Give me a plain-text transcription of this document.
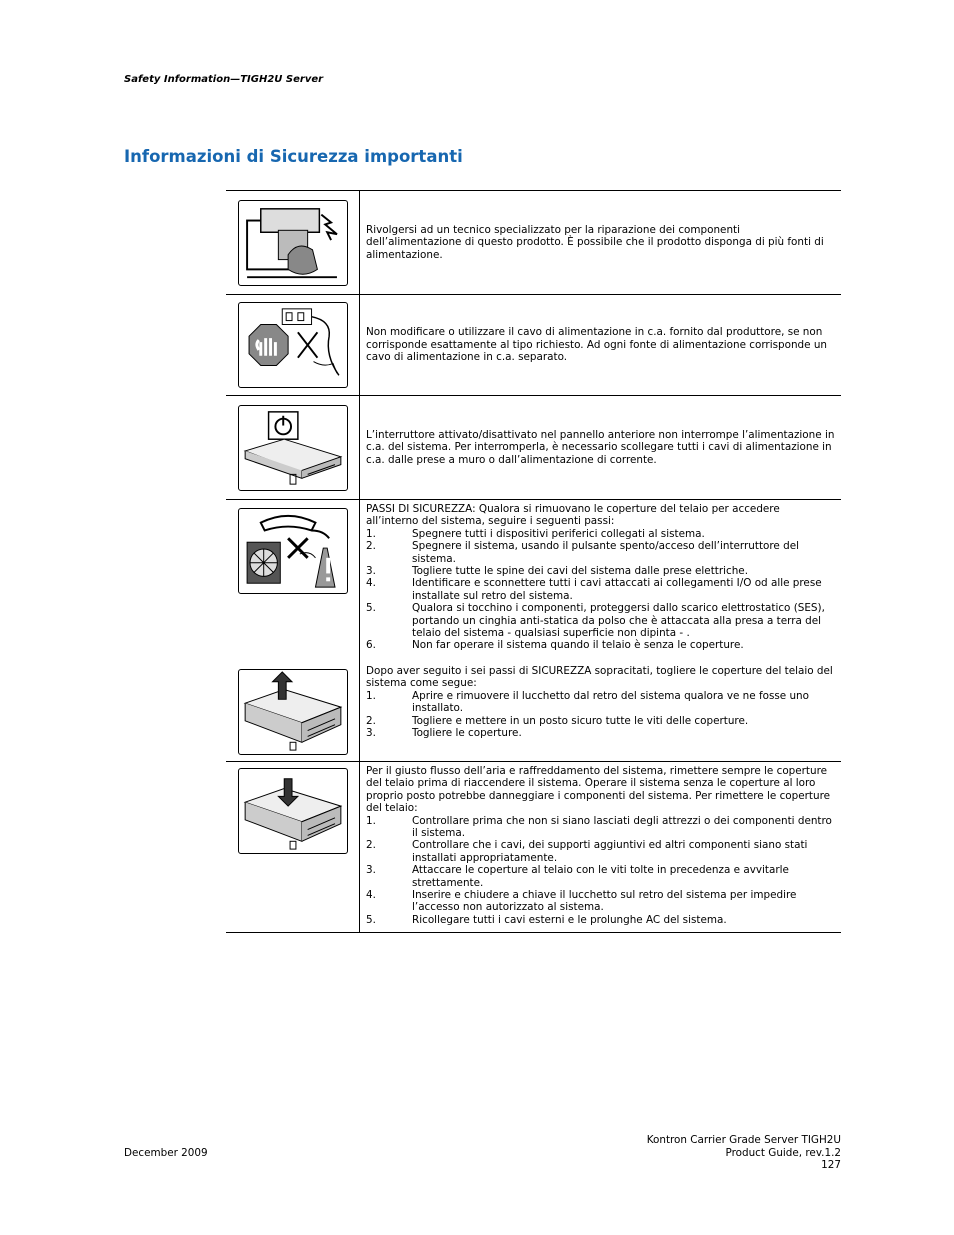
Safety Information—TIGH2U Server
Informazioni di Sicurezza importanti

Rivolgersi ad un tecnico specializzato per la riparazione dei componenti dell’alimentazione di questo prodotto. È possibile che il prodotto disponga di più fonti di alimentazione.

Non modificare o utilizzare il cavo di alimentazione in c.a. fornito dal produttore, se non corrisponde esattamente al tipo richiesto. Ad ogni fonte di alimentazione corrisponde un cavo di alimentazione in c.a. separato.

L’interruttore attivato/disattivato nel pannello anteriore non interrompe l’alimentazione in c.a. del sistema. Per interromperla, è necessario scollegare tutti i cavi di alimentazione in c.a. dalle prese a muro o dall’alimentazione di corrente.

PASSI DI SICUREZZA: Qualora si rimuovano le coperture del telaio per accedere all’interno del sistema, seguire i seguenti passi:

1.	Spegnere tutti i dispositivi periferici collegati al sistema.
2.	Spegnere il sistema, usando il pulsante spento/acceso dell’interruttore del sistema.
3.	Togliere tutte le spine dei cavi del sistema dalle prese elettriche.
4.	Identificare e sconnettere tutti i cavi attaccati ai collegamenti I/O od alle prese installate sul retro del sistema.
5.	Qualora si tocchino i componenti, proteggersi dallo scarico elettrostatico (SES), portando un cinghia anti-statica da polso che è attaccata alla presa a terra del telaio del sistema - qualsiasi superficie non dipinta - .
6.	Non far operare il sistema quando il telaio è senza le coperture.

Dopo aver seguito i sei passi di SICUREZZA sopracitati, togliere le coperture del telaio del sistema come segue:

1.	Aprire e rimuovere il lucchetto dal retro del sistema qualora ve ne fosse uno installato.
2.	Togliere e mettere in un posto sicuro tutte le viti delle coperture.
3.	Togliere le coperture.

Per il giusto flusso dell’aria e raffreddamento del sistema, rimettere sempre le coperture del telaio prima di riaccendere il sistema. Operare il sistema senza le coperture al loro proprio posto potrebbe danneggiare i componenti del sistema. Per rimettere le coperture del telaio:

1.	Controllare prima che non si siano lasciati degli attrezzi o dei componenti dentro il sistema.
2.	Controllare che i cavi, dei supporti aggiuntivi ed altri componenti siano stati installati appropriatamente.
3.	Attaccare le coperture al telaio con le viti tolte in precedenza e avvitarle strettamente.
4.	Inserire e chiudere a chiave il lucchetto sul retro del sistema per impedire l’accesso non autorizzato al sistema.
5.	Ricollegare tutti i cavi esterni e le prolunghe AC del sistema.
December 2009
Kontron Carrier Grade Server TIGH2U
Product Guide, rev.1.2
127
